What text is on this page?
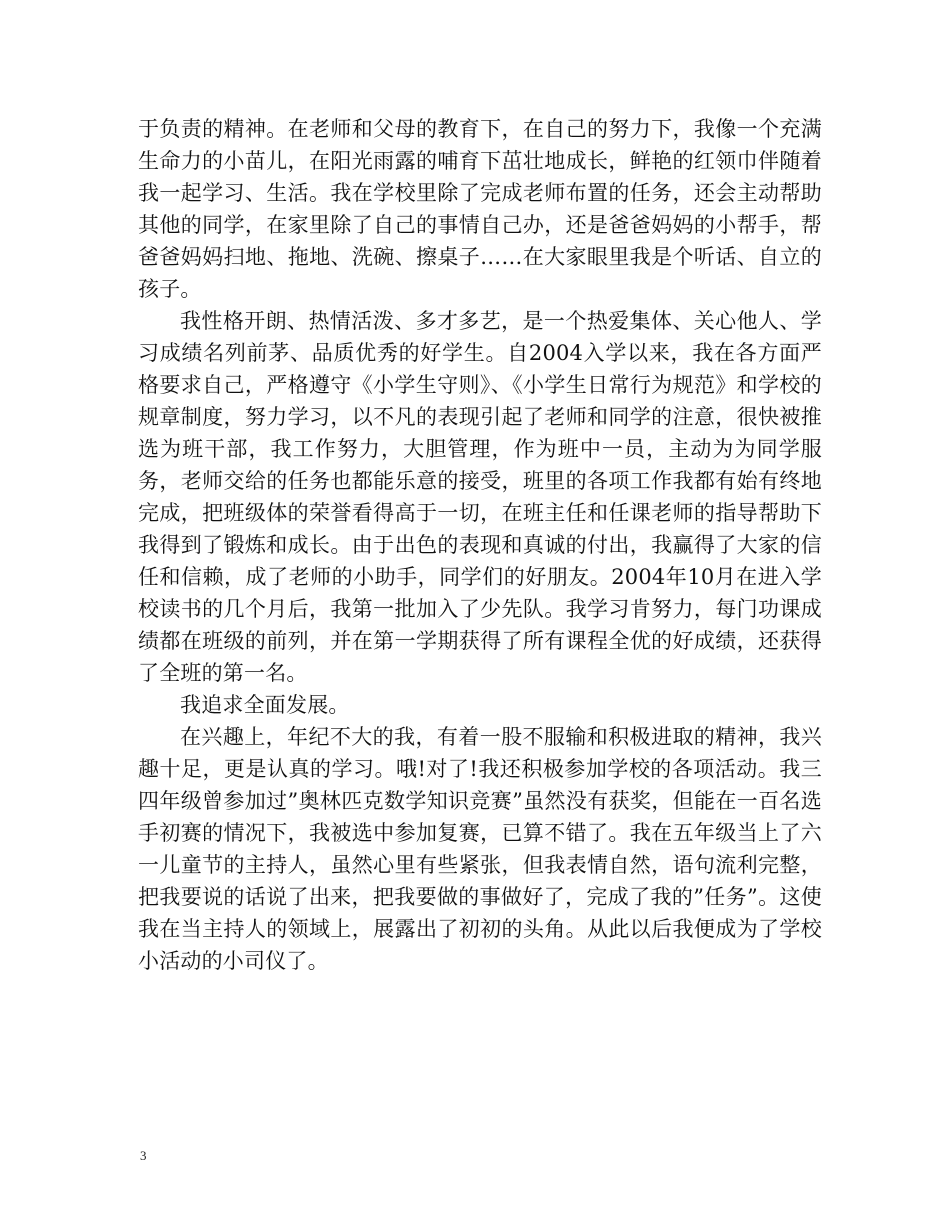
于负责的精神。在老师和父母的教育下，在自己的努力下，我像一个充满生命力的小苗儿，在阳光雨露的哺育下茁壮地成长，鲜艳的红领巾伴随着我一起学习、生活。我在学校里除了完成老师布置的任务，还会主动帮助其他的同学，在家里除了自己的事情自己办，还是爸爸妈妈的小帮手，帮爸爸妈妈扫地、拖地、洗碗、擦桌子……在大家眼里我是个听话、自立的孩子。

我性格开朗、热情活泼、多才多艺，是一个热爱集体、关心他人、学习成绩名列前茅、品质优秀的好学生。自2004入学以来，我在各方面严格要求自己，严格遵守《小学生守则》、《小学生日常行为规范》和学校的规章制度，努力学习，以不凡的表现引起了老师和同学的注意，很快被推选为班干部，我工作努力，大胆管理，作为班中一员，主动为为同学服务，老师交给的任务也都能乐意的接受，班里的各项工作我都有始有终地完成，把班级体的荣誉看得高于一切，在班主任和任课老师的指导帮助下我得到了锻炼和成长。由于出色的表现和真诚的付出，我赢得了大家的信任和信赖，成了老师的小助手，同学们的好朋友。2004年10月在进入学校读书的几个月后，我第一批加入了少先队。我学习肯努力，每门功课成绩都在班级的前列，并在第一学期获得了所有课程全优的好成绩，还获得了全班的第一名。

我追求全面发展。

在兴趣上，年纪不大的我，有着一股不服输和积极进取的精神，我兴趣十足，更是认真的学习。哦!对了!我还积极参加学校的各项活动。我三四年级曾参加过”奥林匹克数学知识竞赛”虽然没有获奖，但能在一百名选手初赛的情况下，我被选中参加复赛，已算不错了。我在五年级当上了六一儿童节的主持人，虽然心里有些紧张，但我表情自然，语句流利完整，把我要说的话说了出来，把我要做的事做好了，完成了我的”任务”。这使我在当主持人的领域上，展露出了初初的头角。从此以后我便成为了学校小活动的小司仪了。

3
